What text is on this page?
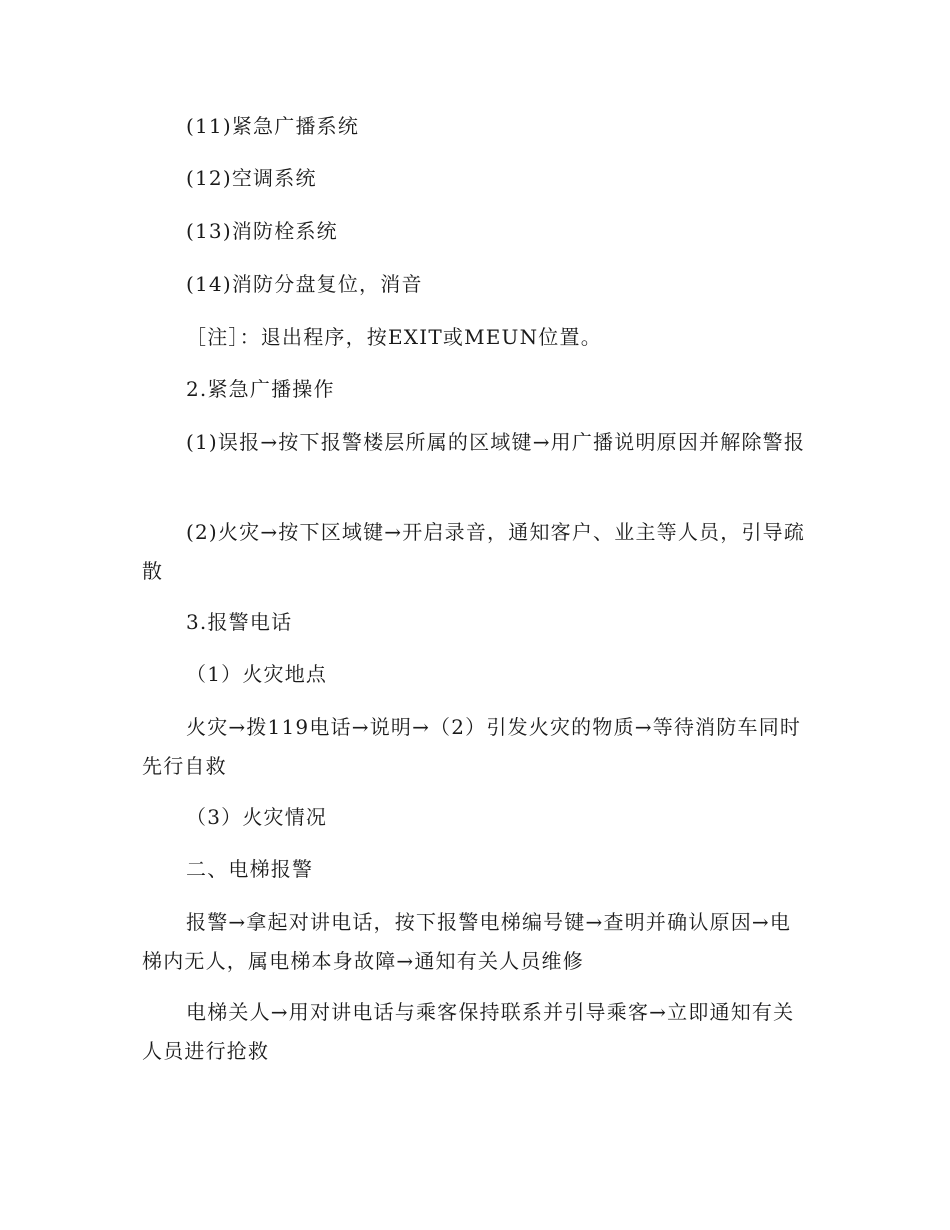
(11)紧急广播系统

(12)空调系统

(13)消防栓系统

(14)消防分盘复位，消音

［注］：退出程序，按EXIT或MEUN位置。

2.紧急广播操作

(1)误报→按下报警楼层所属的区域键→用广播说明原因并解除警报

(2)火灾→按下区域键→开启录音，通知客户、业主等人员，引导疏散

3.报警电话

（1）火灾地点

火灾→拨119电话→说明→（2）引发火灾的物质→等待消防车同时先行自救

（3）火灾情况

二、电梯报警

报警→拿起对讲电话，按下报警电梯编号键→查明并确认原因→电梯内无人，属电梯本身故障→通知有关人员维修

电梯关人→用对讲电话与乘客保持联系并引导乘客→立即通知有关人员进行抢救
